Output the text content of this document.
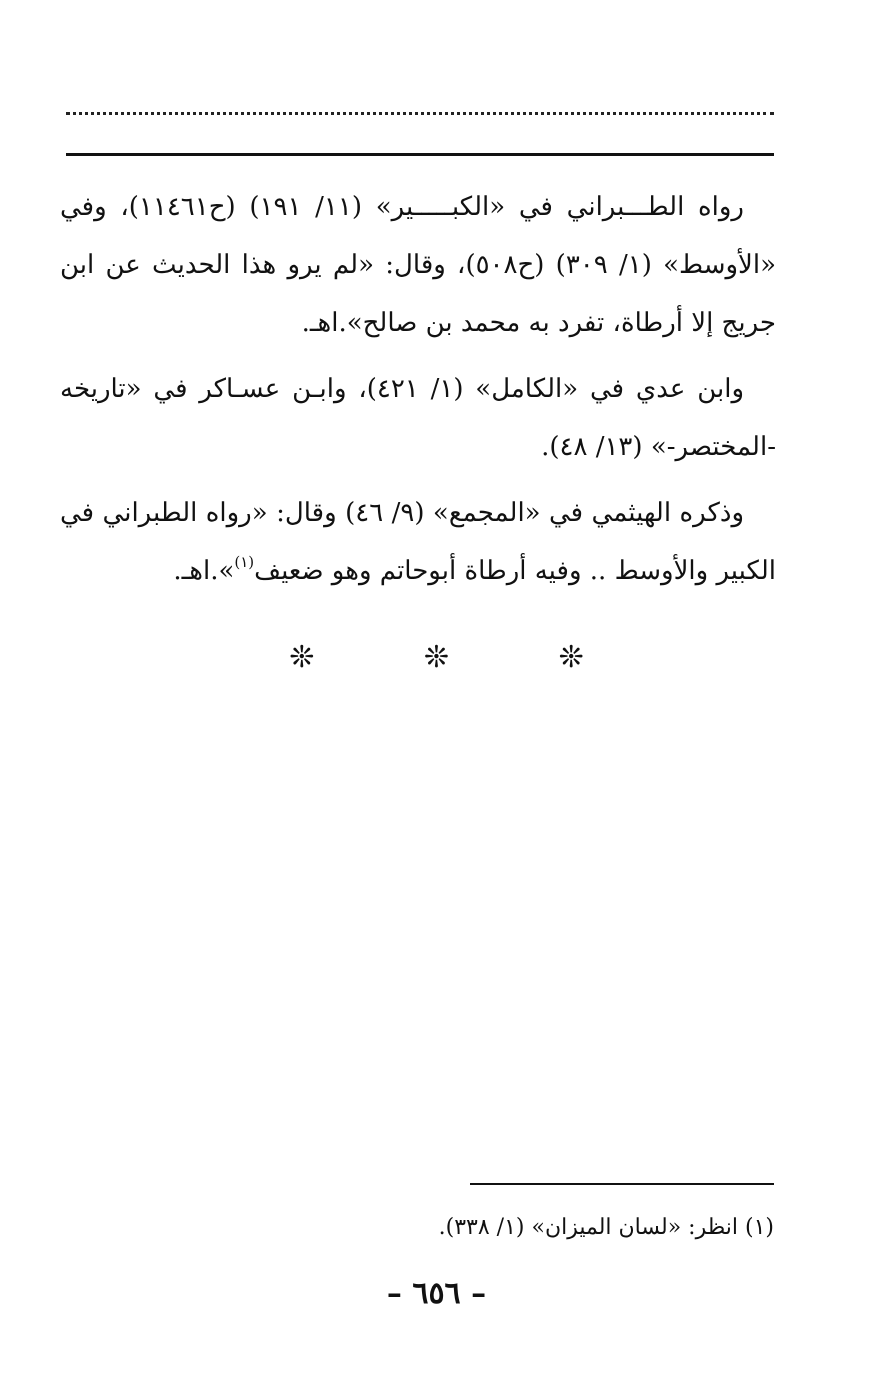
رواه الطـــبراني في «الكبـــــير» (١١/ ١٩١) (ح١١٤٦١)، وفي «الأوسط» (١/ ٣٠٩) (ح٥٠٨)، وقال: «لم يرو هذا الحديث عن ابن جريج إلا أرطاة، تفرد به محمد بن صالح».اهـ.

وابن عدي في «الكامل» (١/ ٤٢١)، وابـن عسـاكر في «تاريخه -المختصر-» (١٣/ ٤٨).

وذكره الهيثمي في «المجمع» (٩/ ٤٦) وقال: «رواه الطبراني في الكبير والأوسط .. وفيه أرطاة أبوحاتم وهو ضعيف$^{(١)}$».اهـ.

❊ ❊ ❊
(١) انظر: «لسان الميزان» (١/ ٣٣٨).
– ٦٥٦ –
